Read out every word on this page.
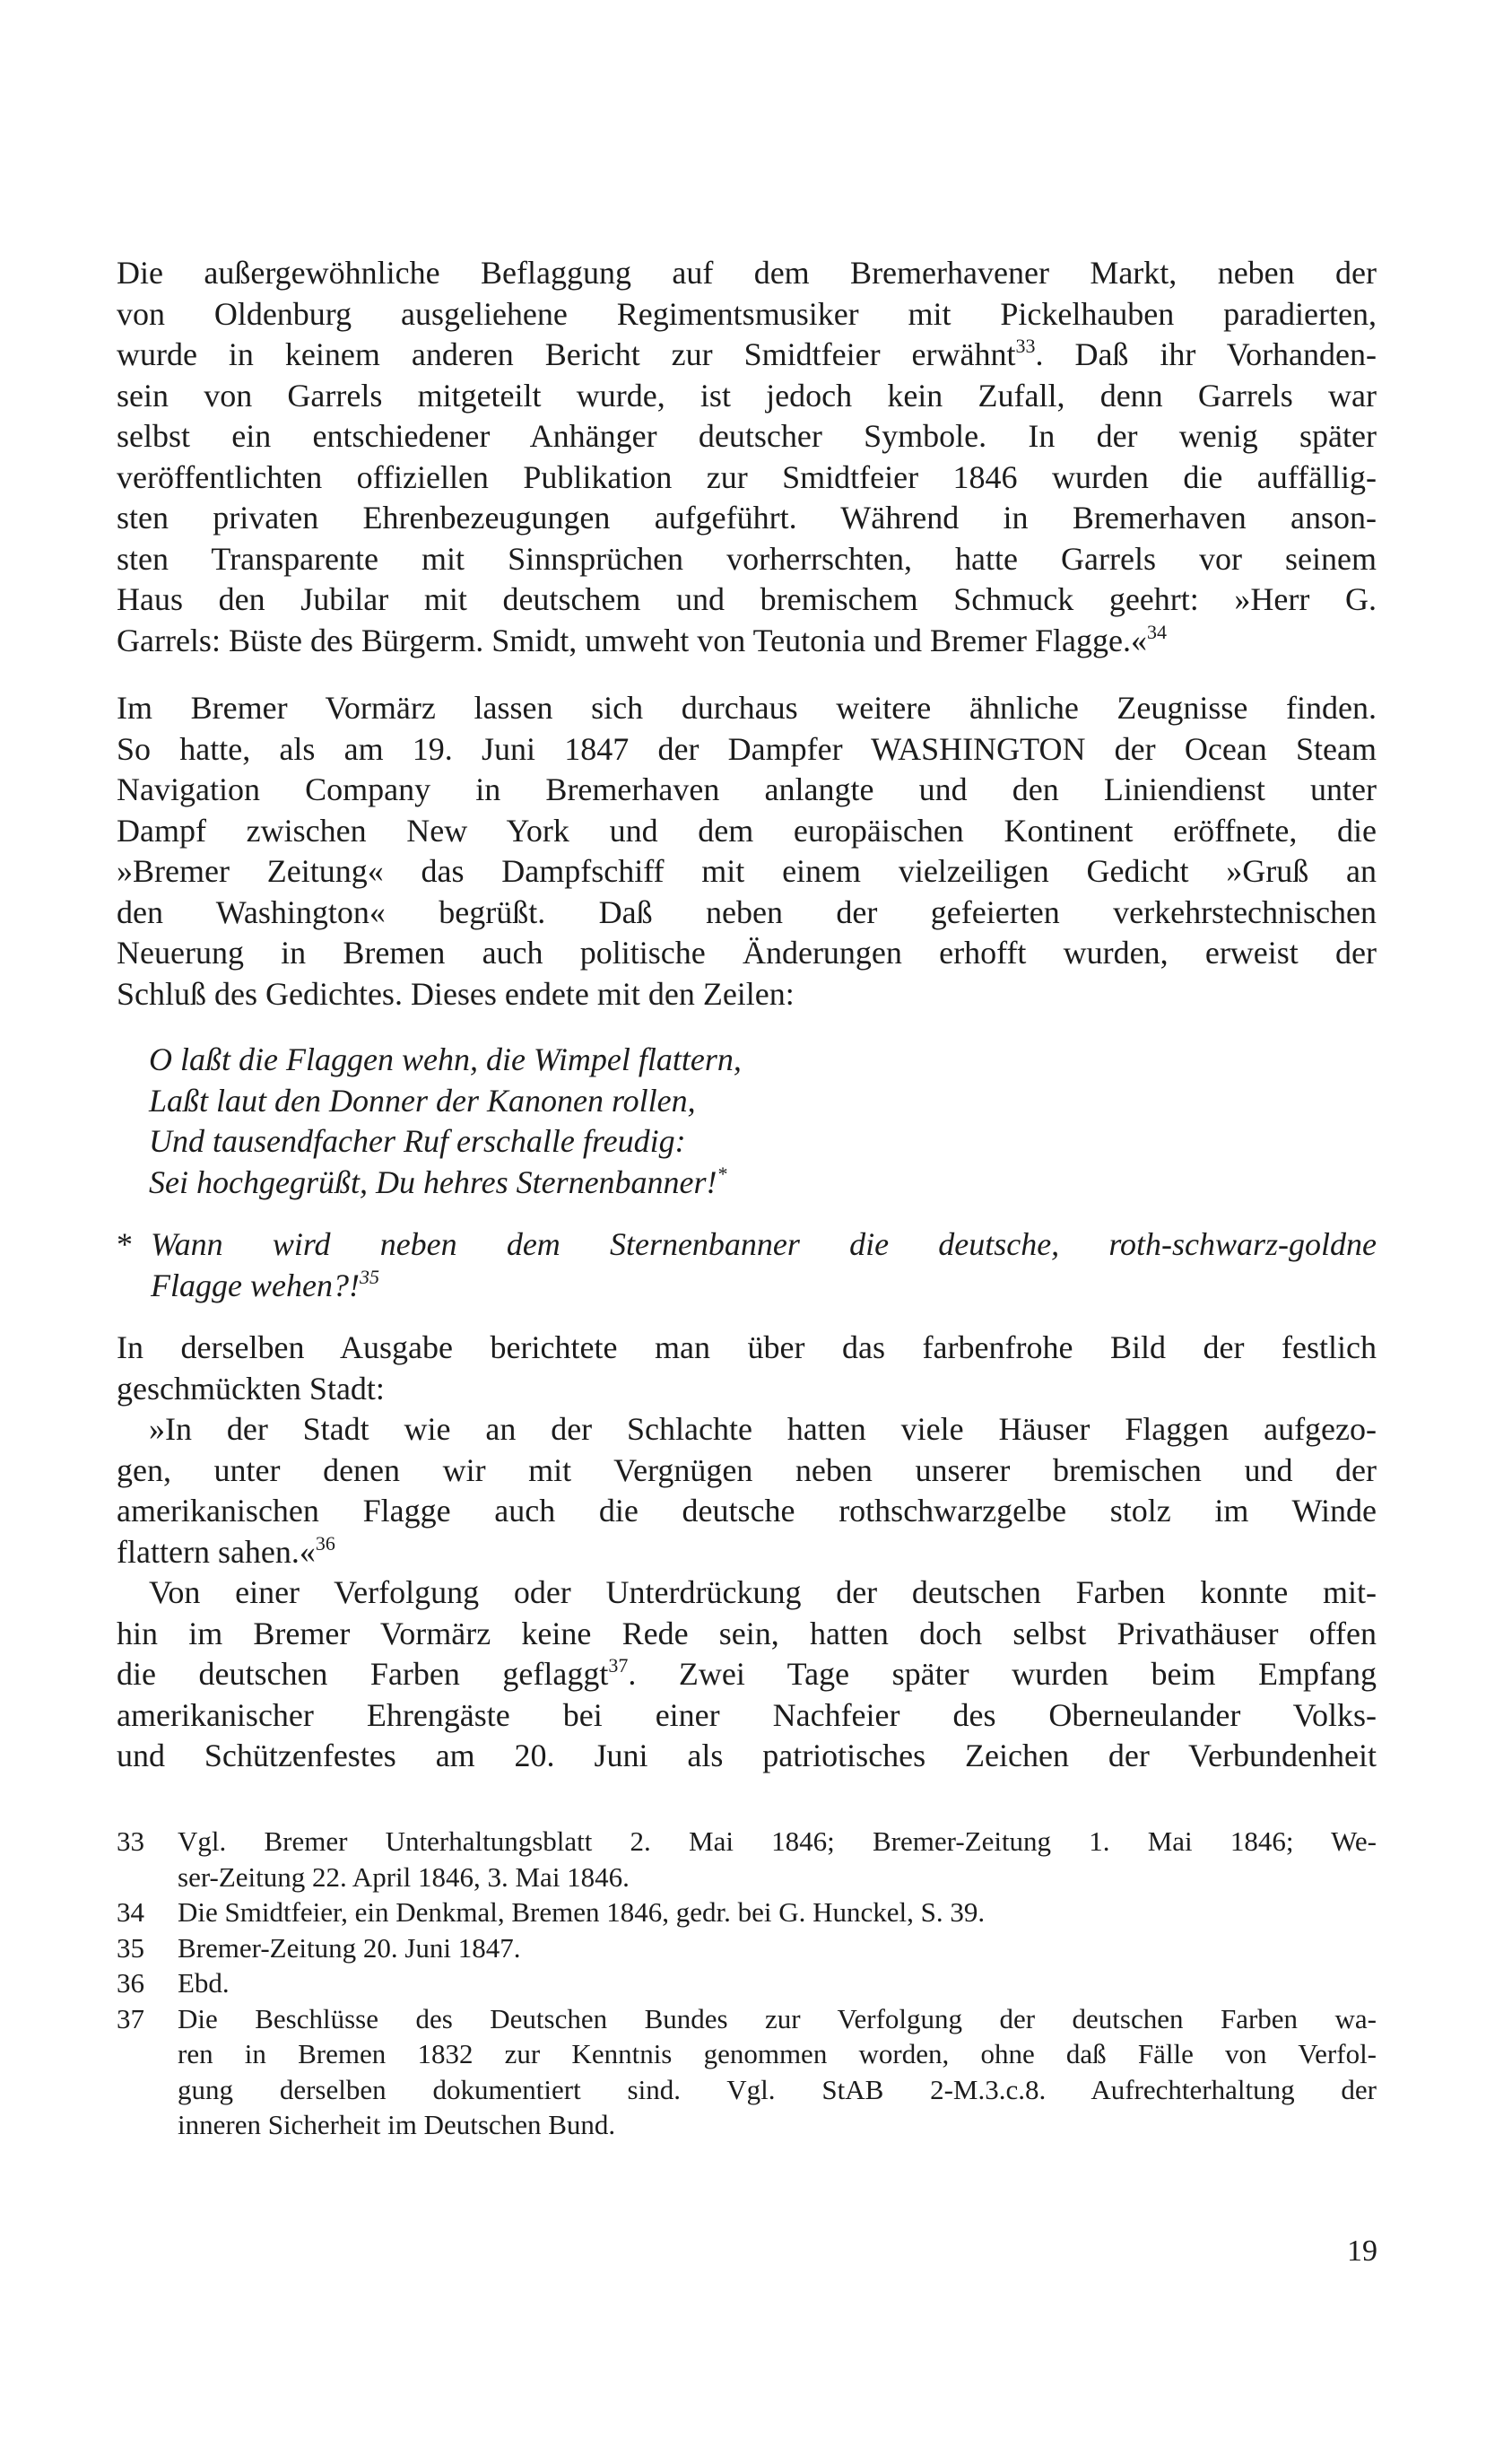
Die außergewöhnliche Beflaggung auf dem Bremerhavener Markt, neben der
von Oldenburg ausgeliehene Regimentsmusiker mit Pickelhauben paradierten,
wurde in keinem anderen Bericht zur Smidtfeier erwähnt$^{33}$. Daß ihr Vorhanden-
sein von Garrels mitgeteilt wurde, ist jedoch kein Zufall, denn Garrels war
selbst ein entschiedener Anhänger deutscher Symbole. In der wenig später
veröffentlichten offiziellen Publikation zur Smidtfeier 1846 wurden die auffällig-
sten privaten Ehrenbezeugungen aufgeführt. Während in Bremerhaven anson-
sten Transparente mit Sinnsprüchen vorherrschten, hatte Garrels vor seinem
Haus den Jubilar mit deutschem und bremischem Schmuck geehrt: »Herr G.
Garrels: Büste des Bürgerm. Smidt, umweht von Teutonia und Bremer Flagge.«$^{34}$
Im Bremer Vormärz lassen sich durchaus weitere ähnliche Zeugnisse finden.
So hatte, als am 19. Juni 1847 der Dampfer WASHINGTON der Ocean Steam
Navigation Company in Bremerhaven anlangte und den Liniendienst unter
Dampf zwischen New York und dem europäischen Kontinent eröffnete, die
»Bremer Zeitung« das Dampfschiff mit einem vielzeiligen Gedicht »Gruß an
den Washington« begrüßt. Daß neben der gefeierten verkehrstechnischen
Neuerung in Bremen auch politische Änderungen erhofft wurden, erweist der
Schluß des Gedichtes. Dieses endete mit den Zeilen:
O laßt die Flaggen wehn, die Wimpel flattern,
Laßt laut den Donner der Kanonen rollen,
Und tausendfacher Ruf erschalle freudig:
Sei hochgegrüßt, Du hehres Sternenbanner!*
* Wann wird neben dem Sternenbanner die deutsche, roth-schwarz-goldne
Flagge wehen?!$^{35}$
In derselben Ausgabe berichtete man über das farbenfrohe Bild der festlich
geschmückten Stadt:
»In der Stadt wie an der Schlachte hatten viele Häuser Flaggen aufgezo-
gen, unter denen wir mit Vergnügen neben unserer bremischen und der
amerikanischen Flagge auch die deutsche rothschwarzgelbe stolz im Winde
flattern sahen.«$^{36}$
Von einer Verfolgung oder Unterdrückung der deutschen Farben konnte mit-
hin im Bremer Vormärz keine Rede sein, hatten doch selbst Privathäuser offen
die deutschen Farben geflaggt$^{37}$. Zwei Tage später wurden beim Empfang
amerikanischer Ehrengäste bei einer Nachfeier des Oberneulander Volks-
und Schützenfestes am 20. Juni als patriotisches Zeichen der Verbundenheit
33 Vgl. Bremer Unterhaltungsblatt 2. Mai 1846; Bremer-Zeitung 1. Mai 1846; We-
ser-Zeitung 22. April 1846, 3. Mai 1846.
34 Die Smidtfeier, ein Denkmal, Bremen 1846, gedr. bei G. Hunckel, S. 39.
35 Bremer-Zeitung 20. Juni 1847.
36 Ebd.
37 Die Beschlüsse des Deutschen Bundes zur Verfolgung der deutschen Farben wa-
ren in Bremen 1832 zur Kenntnis genommen worden, ohne daß Fälle von Verfol-
gung derselben dokumentiert sind. Vgl. StAB 2-M.3.c.8. Aufrechterhaltung der
inneren Sicherheit im Deutschen Bund.
19
